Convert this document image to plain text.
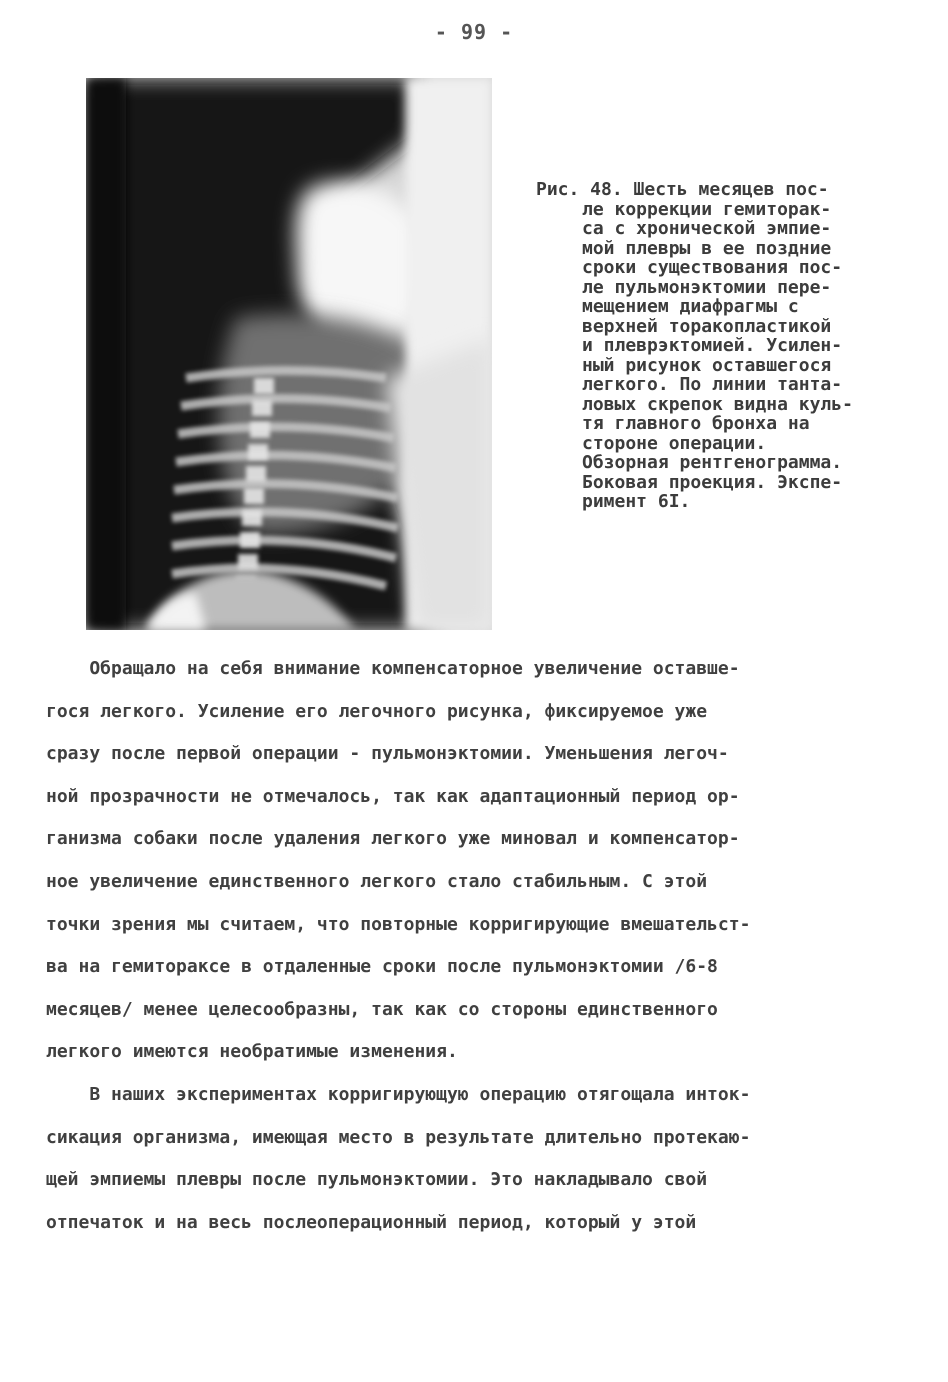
- 99 -
Рис. 48. Шесть месяцев пос-
ле коррекции гемиторак-
са с хронической эмпие-
мой плевры в ее поздние
сроки существования пос-
ле пульмонэктомии пере-
мещением диафрагмы с
верхней торакопластикой
и плеврэктомией. Усилен-
ный рисунок оставшегося
легкого. По линии танта-
ловых скрепок видна куль-
тя главного бронха на
стороне операции.
Обзорная рентгенограмма.
Боковая проекция. Экспе-
римент 6I.
Обращало на себя внимание компенсаторное увеличение оставше-
гося легкого. Усиление его легочного рисунка, фиксируемое уже
сразу после первой операции - пульмонэктомии. Уменьшения легоч-
ной прозрачности не отмечалось, так как адаптационный период ор-
ганизма собаки после удаления легкого уже миновал и компенсатор-
ное увеличение единственного легкого стало стабильным. С этой
точки зрения мы считаем, что повторные корригирующие вмешательст-
ва на гемитораксе в отдаленные сроки после пульмонэктомии /6-8
месяцев/ менее целесообразны, так как со стороны единственного
легкого имеются необратимые изменения.
В наших экспериментах корригирующую операцию отягощала инток-
сикация организма, имеющая место в результате длительно протекаю-
щей эмпиемы плевры после пульмонэктомии. Это накладывало свой
отпечаток и на весь послеоперационный период, который у этой
